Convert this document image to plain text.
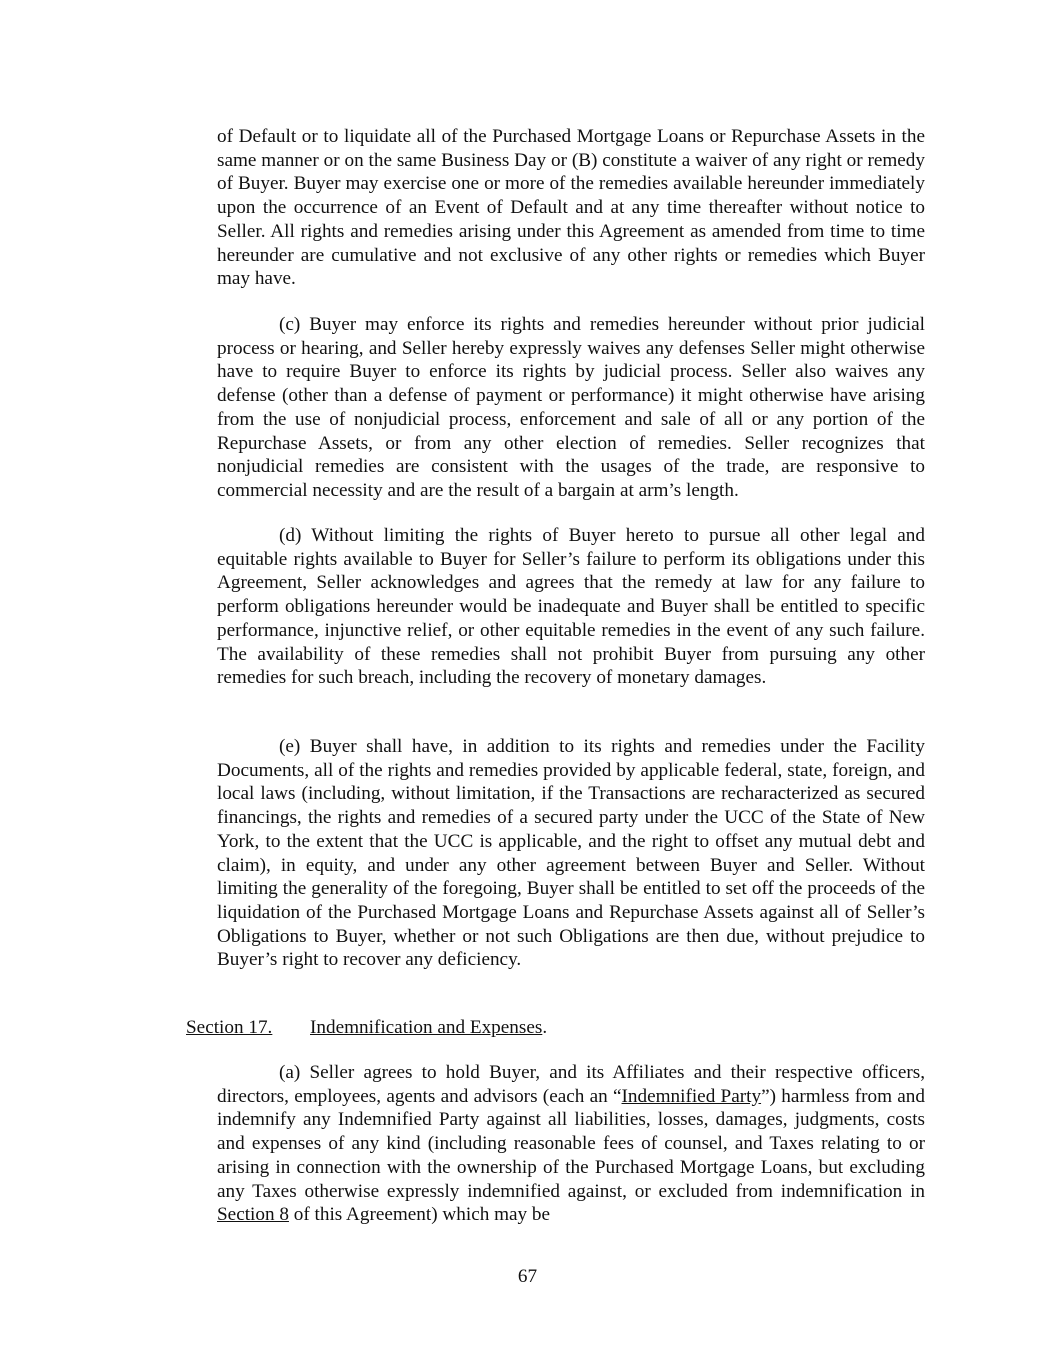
of Default or to liquidate all of the Purchased Mortgage Loans or Repurchase Assets in the same manner or on the same Business Day or (B) constitute a waiver of any right or remedy of Buyer. Buyer may exercise one or more of the remedies available hereunder immediately upon the occurrence of an Event of Default and at any time thereafter without notice to Seller. All rights and remedies arising under this Agreement as amended from time to time hereunder are cumulative and not exclusive of any other rights or remedies which Buyer may have.

(c) Buyer may enforce its rights and remedies hereunder without prior judicial process or hearing, and Seller hereby expressly waives any defenses Seller might otherwise have to require Buyer to enforce its rights by judicial process. Seller also waives any defense (other than a defense of payment or performance) it might otherwise have arising from the use of nonjudicial process, enforcement and sale of all or any portion of the Repurchase Assets, or from any other election of remedies. Seller recognizes that nonjudicial remedies are consistent with the usages of the trade, are responsive to commercial necessity and are the result of a bargain at arm’s length.

(d) Without limiting the rights of Buyer hereto to pursue all other legal and equitable rights available to Buyer for Seller’s failure to perform its obligations under this Agreement, Seller acknowledges and agrees that the remedy at law for any failure to perform obligations hereunder would be inadequate and Buyer shall be entitled to specific performance, injunctive relief, or other equitable remedies in the event of any such failure. The availability of these remedies shall not prohibit Buyer from pursuing any other remedies for such breach, including the recovery of monetary damages.

(e) Buyer shall have, in addition to its rights and remedies under the Facility Documents, all of the rights and remedies provided by applicable federal, state, foreign, and local laws (including, without limitation, if the Transactions are recharacterized as secured financings, the rights and remedies of a secured party under the UCC of the State of New York, to the extent that the UCC is applicable, and the right to offset any mutual debt and claim), in equity, and under any other agreement between Buyer and Seller. Without limiting the generality of the foregoing, Buyer shall be entitled to set off the proceeds of the liquidation of the Purchased Mortgage Loans and Repurchase Assets against all of Seller’s Obligations to Buyer, whether or not such Obligations are then due, without prejudice to Buyer’s right to recover any deficiency.

Section 17. Indemnification and Expenses.

(a) Seller agrees to hold Buyer, and its Affiliates and their respective officers, directors, employees, agents and advisors (each an “Indemnified Party”) harmless from and indemnify any Indemnified Party against all liabilities, losses, damages, judgments, costs and expenses of any kind (including reasonable fees of counsel, and Taxes relating to or arising in connection with the ownership of the Purchased Mortgage Loans, but excluding any Taxes otherwise expressly indemnified against, or excluded from indemnification in Section 8 of this Agreement) which may be

67
